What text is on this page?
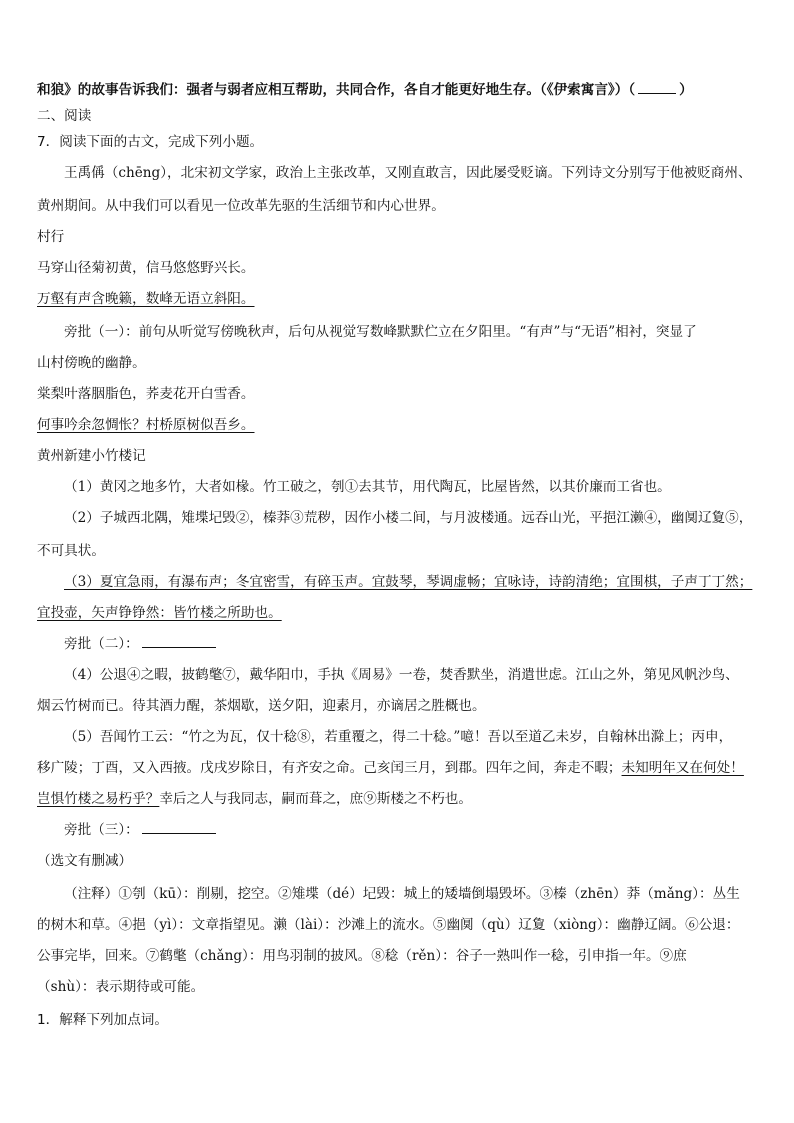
和狼》的故事告诉我们：强者与弱者应相互帮助，共同合作，各自才能更好地生存。（《伊索寓言》）（	）

二、阅读

7．阅读下面的古文，完成下列小题。

王禹偁（chēng），北宋初文学家，政治上主张改革，又刚直敢言，因此屡受贬谪。下列诗文分别写于他被贬商州、

黄州期间。从中我们可以看见一位改革先驱的生活细节和内心世界。

村行

马穿山径菊初黄，信马悠悠野兴长。

万壑有声含晚籁，数峰无语立斜阳。

旁批（一）：前句从听觉写傍晚秋声，后句从视觉写数峰默默伫立在夕阳里。“有声”与“无语”相衬，突显了

山村傍晚的幽静。

棠梨叶落胭脂色，荞麦花开白雪香。

何事吟余忽惆怅？村桥原树似吾乡。

黄州新建小竹楼记

（1）黄冈之地多竹，大者如椽。竹工破之，刳①去其节，用代陶瓦，比屋皆然，以其价廉而工省也。

（2）子城西北隅，雉堞圮毁②，榛莽③荒秽，因作小楼二间，与月波楼通。远吞山光，平挹江濑④，幽阒辽夐⑤，

不可具状。

（3）夏宜急雨，有瀑布声；冬宜密雪，有碎玉声。宜鼓琴，琴调虚畅；宜咏诗，诗韵清绝；宜围棋，子声丁丁然；

宜投壶，矢声铮铮然：皆竹楼之所助也。

旁批（二）：

（4）公退④之暇，披鹤氅⑦，戴华阳巾，手执《周易》一卷，焚香默坐，消遣世虑。江山之外，第见风帆沙鸟、

烟云竹树而已。待其酒力醒，茶烟歇，送夕阳，迎素月，亦谪居之胜概也。

（5）吾闻竹工云：“竹之为瓦，仅十稔⑧，若重覆之，得二十稔。”噫！吾以至道乙未岁，自翰林出滁上；丙申，

移广陵；丁酉，又入西掖。戊戌岁除日，有齐安之命。己亥闰三月，到郡。四年之间，奔走不暇；未知明年又在何处！

岂惧竹楼之易朽乎？幸后之人与我同志，嗣而葺之，庶⑨斯楼之不朽也。

旁批（三）：

（选文有删减）

（注释）①刳（kū）：削剔，挖空。②雉堞（dé）圮毁：城上的矮墙倒塌毁坏。③榛（zhēn）莽（mǎng）：丛生

的树木和草。④挹（yì）：文章指望见。濑（lài）：沙滩上的流水。⑤幽阒（qù）辽夐（xiòng）：幽静辽阔。⑥公退：

公事完毕，回来。⑦鹤氅（chǎng）：用鸟羽制的披风。⑧稔（rěn）：谷子一熟叫作一稔，引申指一年。⑨庶

（shù）：表示期待或可能。

1．解释下列加点词。
